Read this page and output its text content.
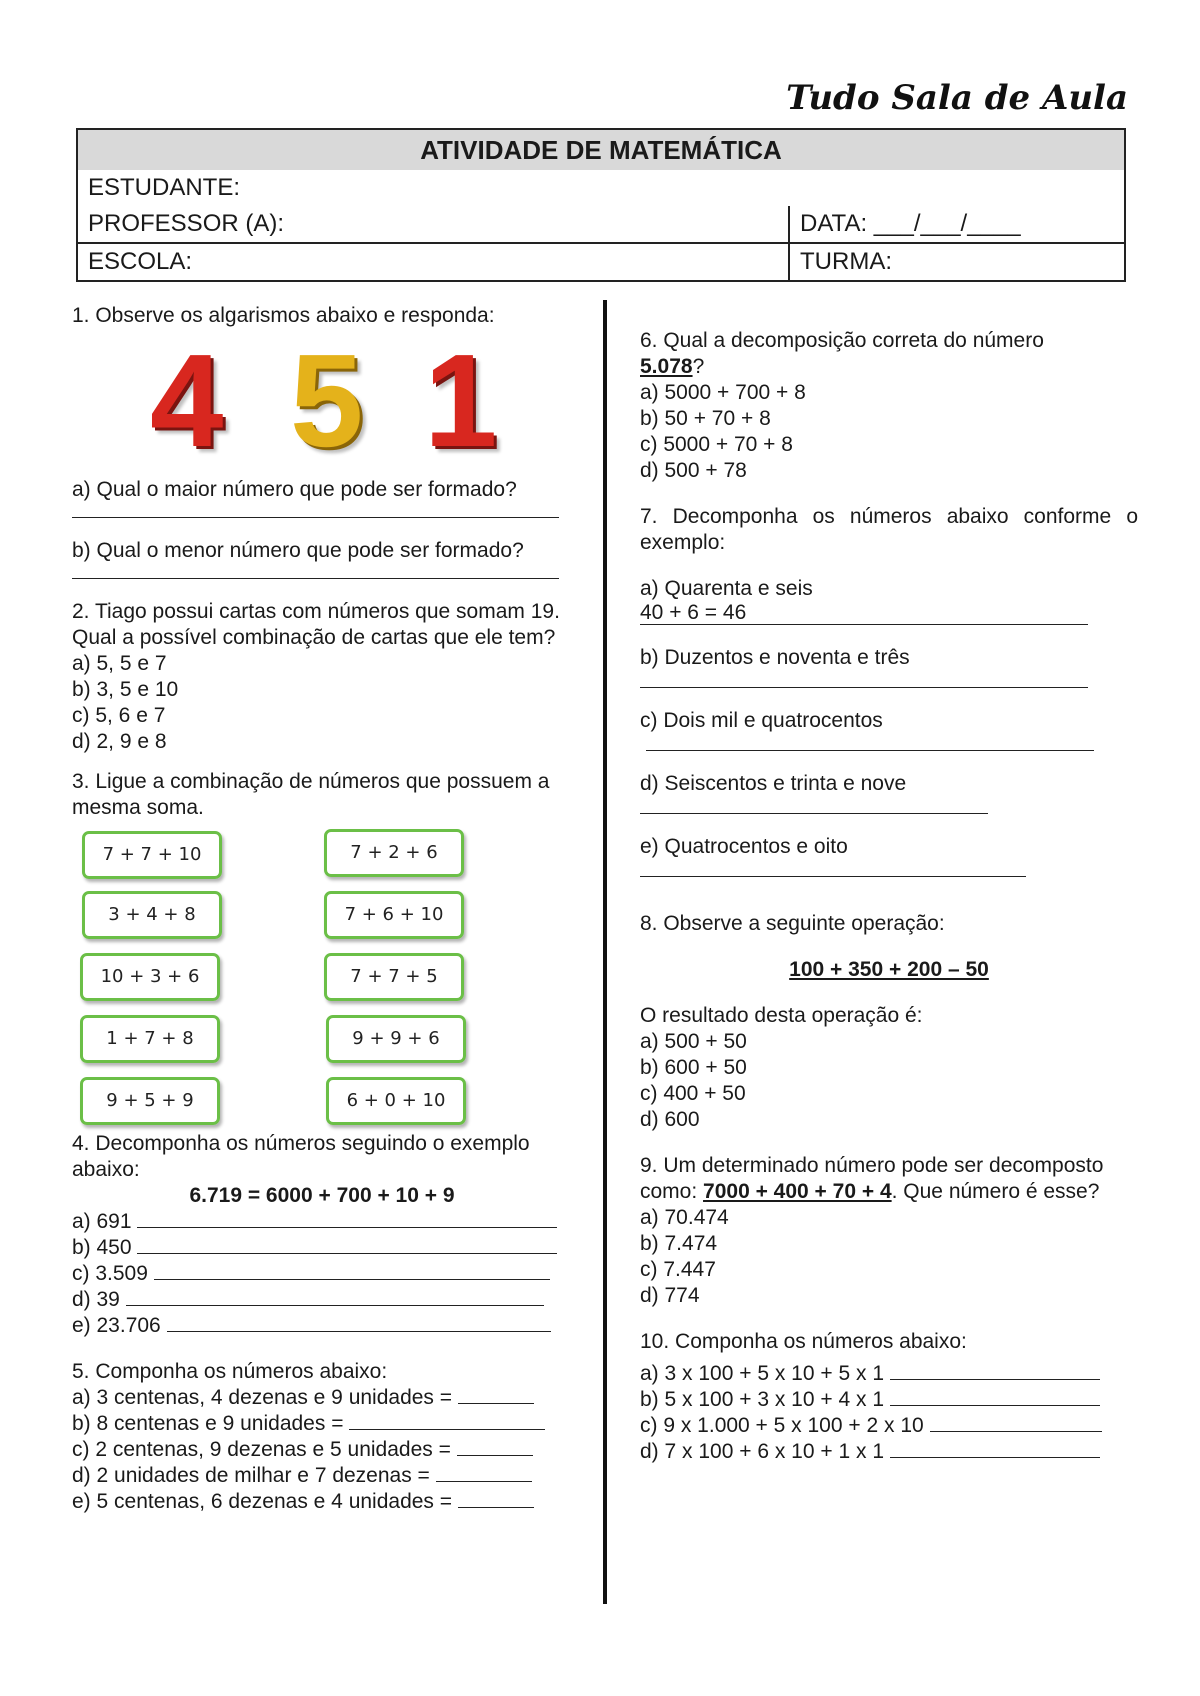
Tudo Sala de Aula
ATIVIDADE DE MATEMÁTICA	
ESTUDANTE:	
PROFESSOR (A):	DATA: ___/___/____
ESCOLA:	TURMA:

1. Observe os algarismos abaixo e responda:

4 5 1

a) Qual o maior número que pode ser formado?

b) Qual o menor número que pode ser formado?

2. Tiago possui cartas com números que somam 19. Qual a possível combinação de cartas que ele tem?

a) 5, 5 e 7

b) 3, 5 e 10

c) 5, 6 e 7

d) 2, 9 e 8

3. Ligue a combinação de números que possuem a mesma soma.

7 + 7 + 10
3 + 4 + 8
10 + 3 + 6
1 + 7 + 8
9 + 5 + 9
7 + 2 + 6
7 + 6 + 10
7 + 7 + 5
9 + 9 + 6
6 + 0 + 10

4. Decomponha os números seguindo o exemplo abaixo:

6.719 = 6000 + 700 + 10 + 9

a) 691

b) 450

c) 3.509

d) 39

e) 23.706

5. Componha os números abaixo:

a) 3 centenas, 4 dezenas e 9 unidades =

b) 8 centenas e 9 unidades =

c) 2 centenas, 9 dezenas e 5 unidades =

d) 2 unidades de milhar e 7 dezenas =

e) 5 centenas, 6 dezenas e 4 unidades =

6. Qual a decomposição correta do número

5.078?

a) 5000 + 700 + 8

b) 50 + 70 + 8

c) 5000 + 70 + 8

d) 500 + 78

7. Decomponha os números abaixo conforme o exemplo:

a) Quarenta e seis

40 + 6 = 46

b) Duzentos e noventa e três

c) Dois mil e quatrocentos

d) Seiscentos e trinta e nove

e) Quatrocentos e oito

8. Observe a seguinte operação:

100 + 350 + 200 – 50

O resultado desta operação é:

a) 500 + 50

b) 600 + 50

c) 400 + 50

d) 600

9. Um determinado número pode ser decomposto como: 7000 + 400 + 70 + 4. Que número é esse?

a) 70.474

b) 7.474

c) 7.447

d) 774

10. Componha os números abaixo:

a) 3 x 100 + 5 x 10 + 5 x 1

b) 5 x 100 + 3 x 10 + 4 x 1

c) 9 x 1.000 + 5 x 100 + 2 x 10

d) 7 x 100 + 6 x 10 + 1 x 1
